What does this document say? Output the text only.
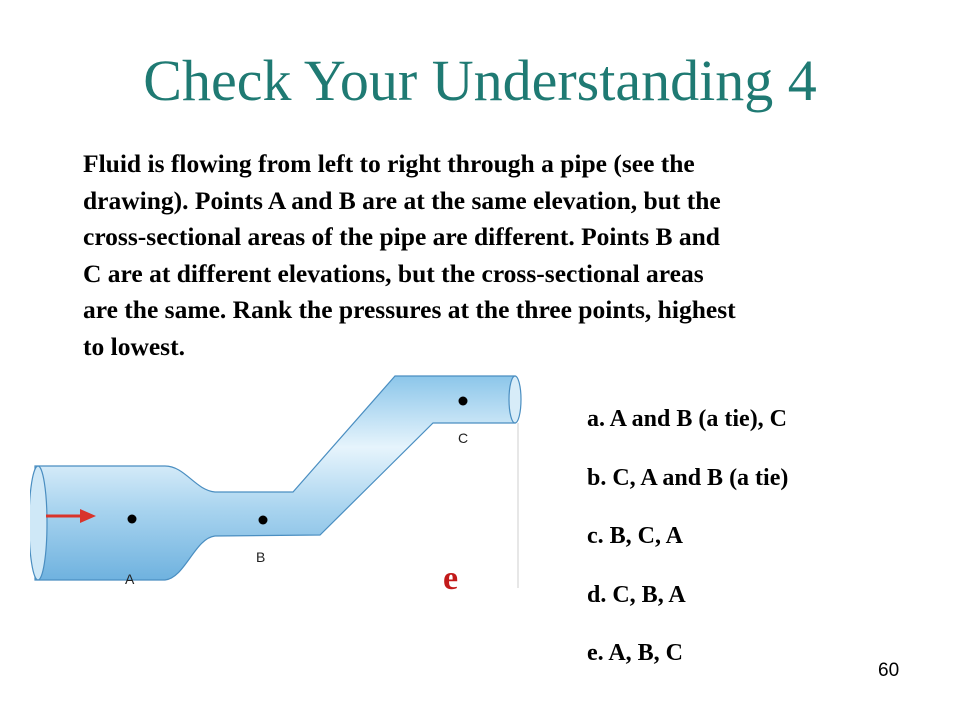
Check Your Understanding 4
Fluid is flowing from left to right through a pipe (see the
drawing). Points A and B are at the same elevation, but the
cross-sectional areas of the pipe are different. Points B and
C are at different elevations, but the cross-sectional areas
are the same. Rank the pressures at the three points, highest
to lowest.
A
B
C
a. A and B (a tie), C
b. C, A and B (a tie)
c. B, C, A
d. C, B, A
e. A, B, C
e
60
